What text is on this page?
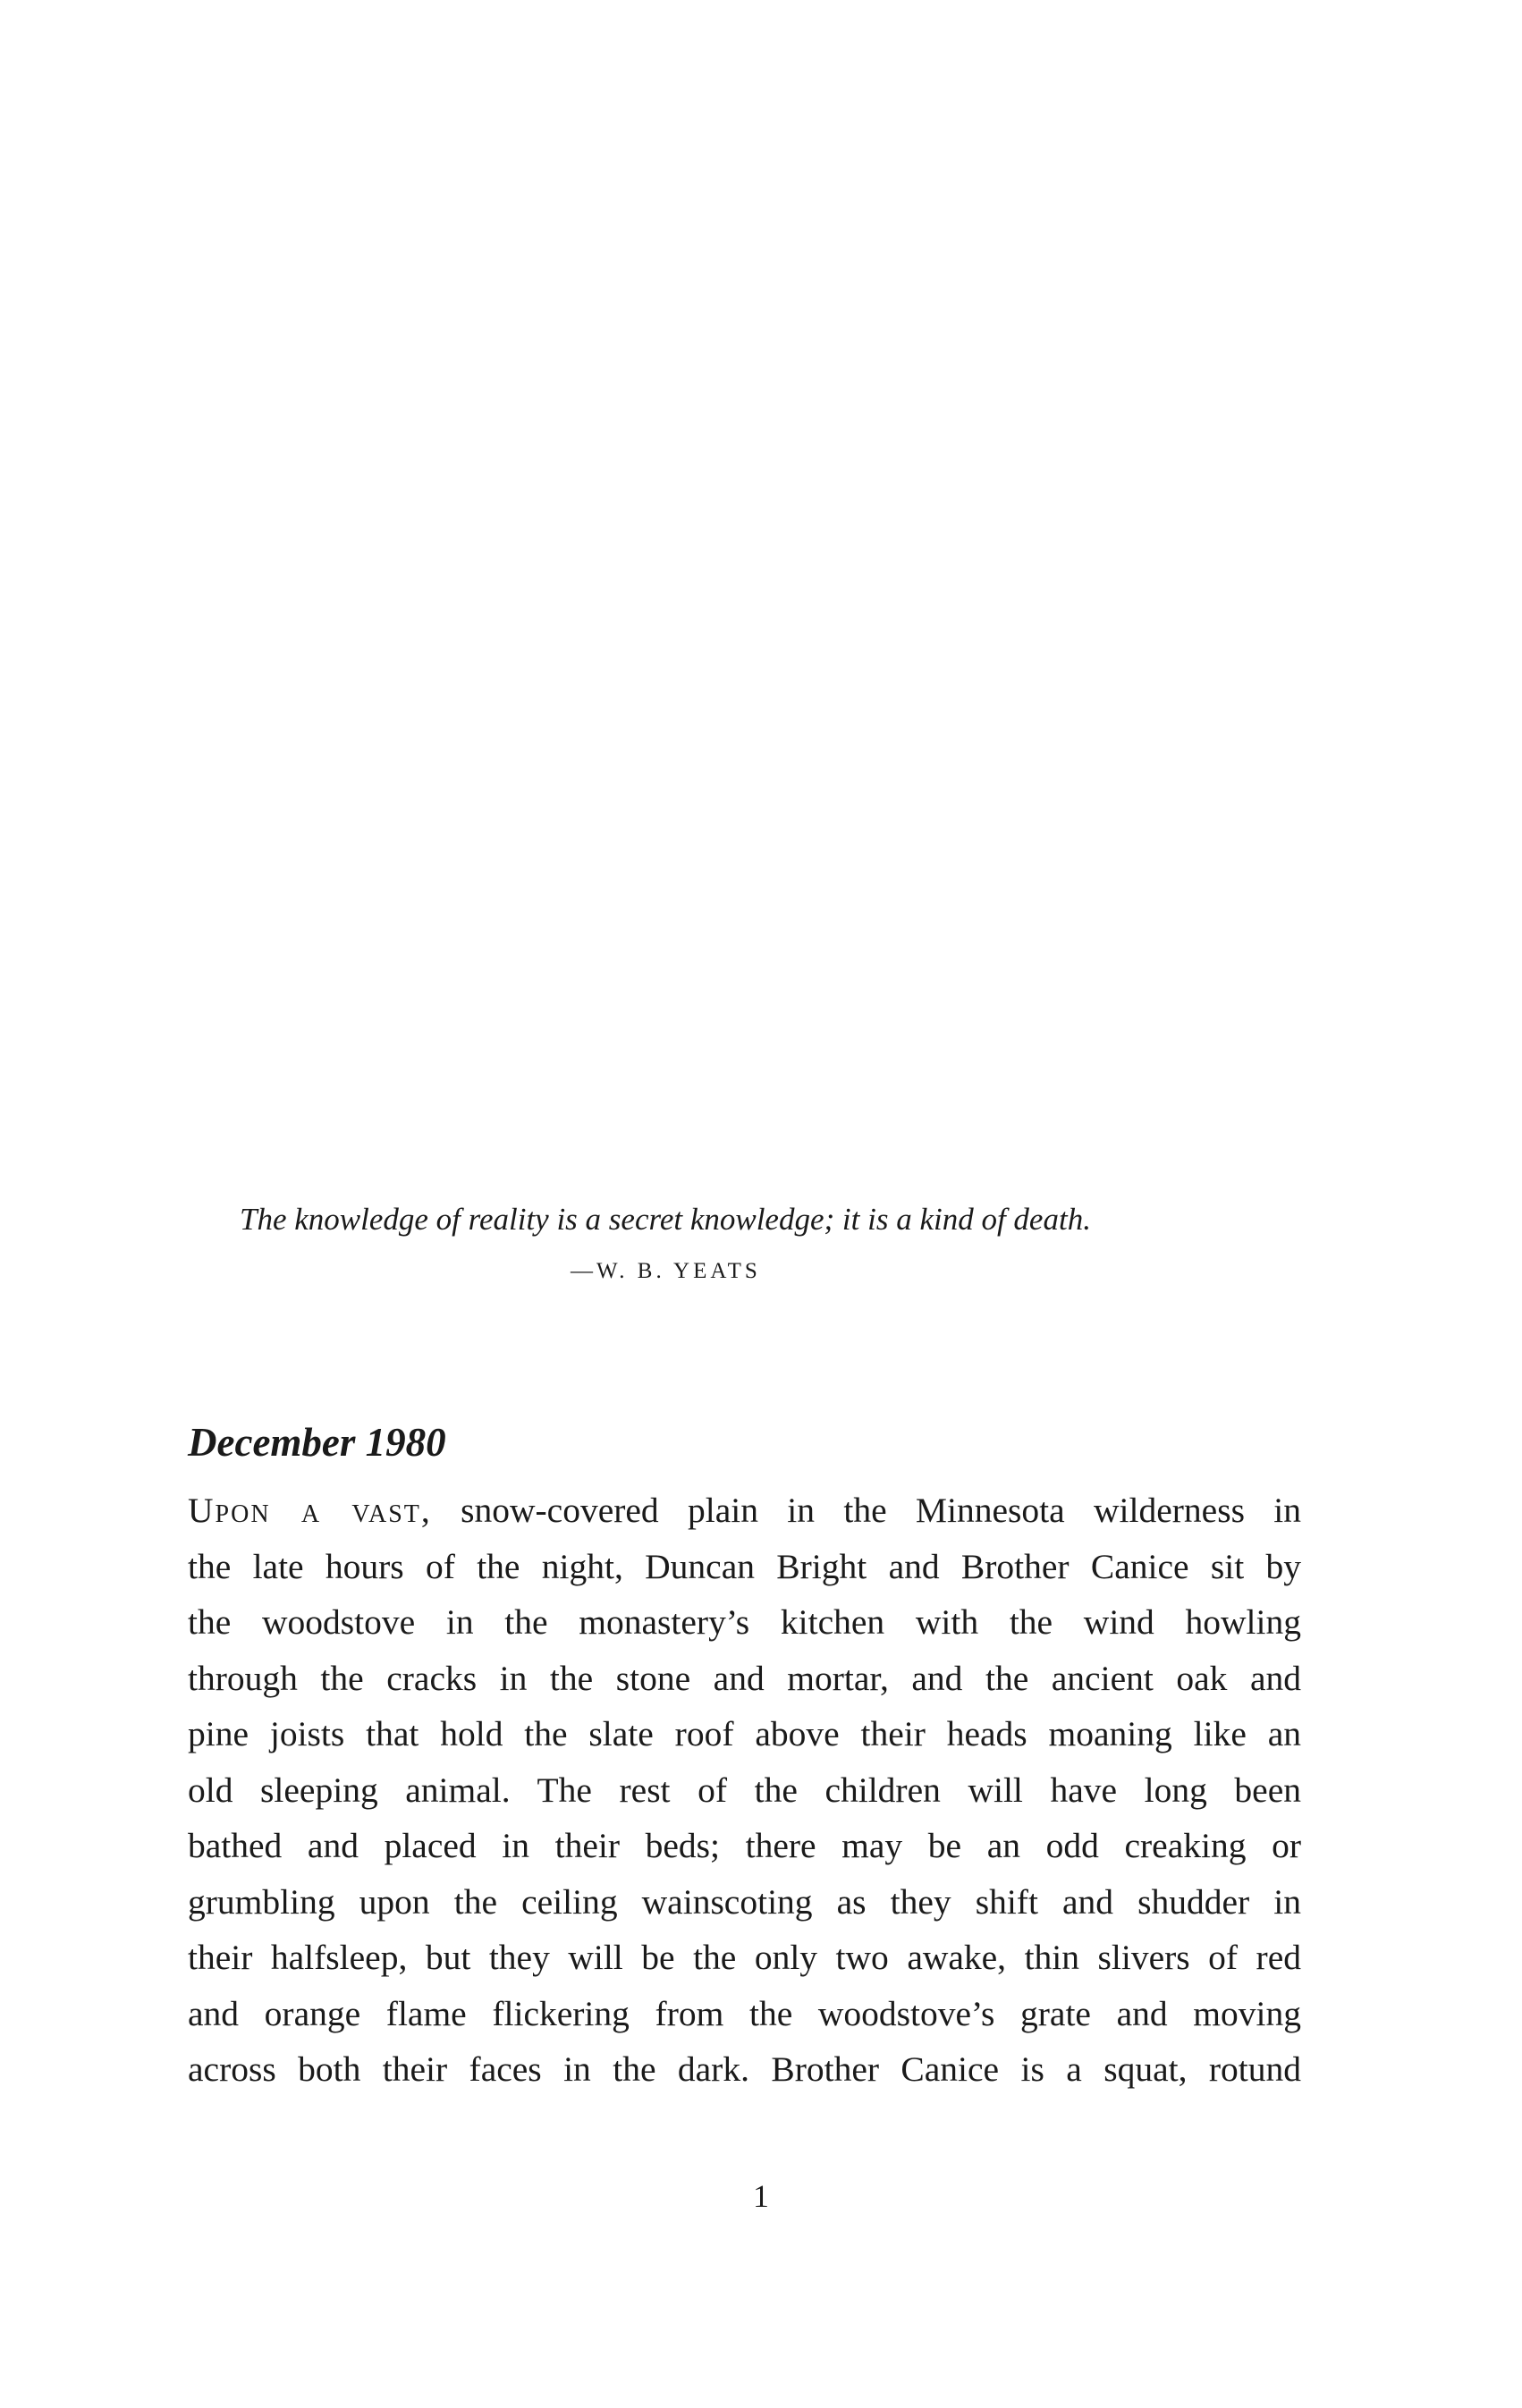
The knowledge of reality is a secret knowledge; it is a kind of death.

—W. B. YEATS
December 1980
Upon a vast, snow-covered plain in the Minnesota wilderness in
the late hours of the night, Duncan Bright and Brother Canice sit by
the woodstove in the monastery’s kitchen with the wind howling
through the cracks in the stone and mortar, and the ancient oak and
pine joists that hold the slate roof above their heads moaning like an
old sleeping animal. The rest of the children will have long been
bathed and placed in their beds; there may be an odd creaking or
grumbling upon the ceiling wainscoting as they shift and shudder in
their halfsleep, but they will be the only two awake, thin slivers of red
and orange flame flickering from the woodstove’s grate and moving
across both their faces in the dark. Brother Canice is a squat, rotund

1
